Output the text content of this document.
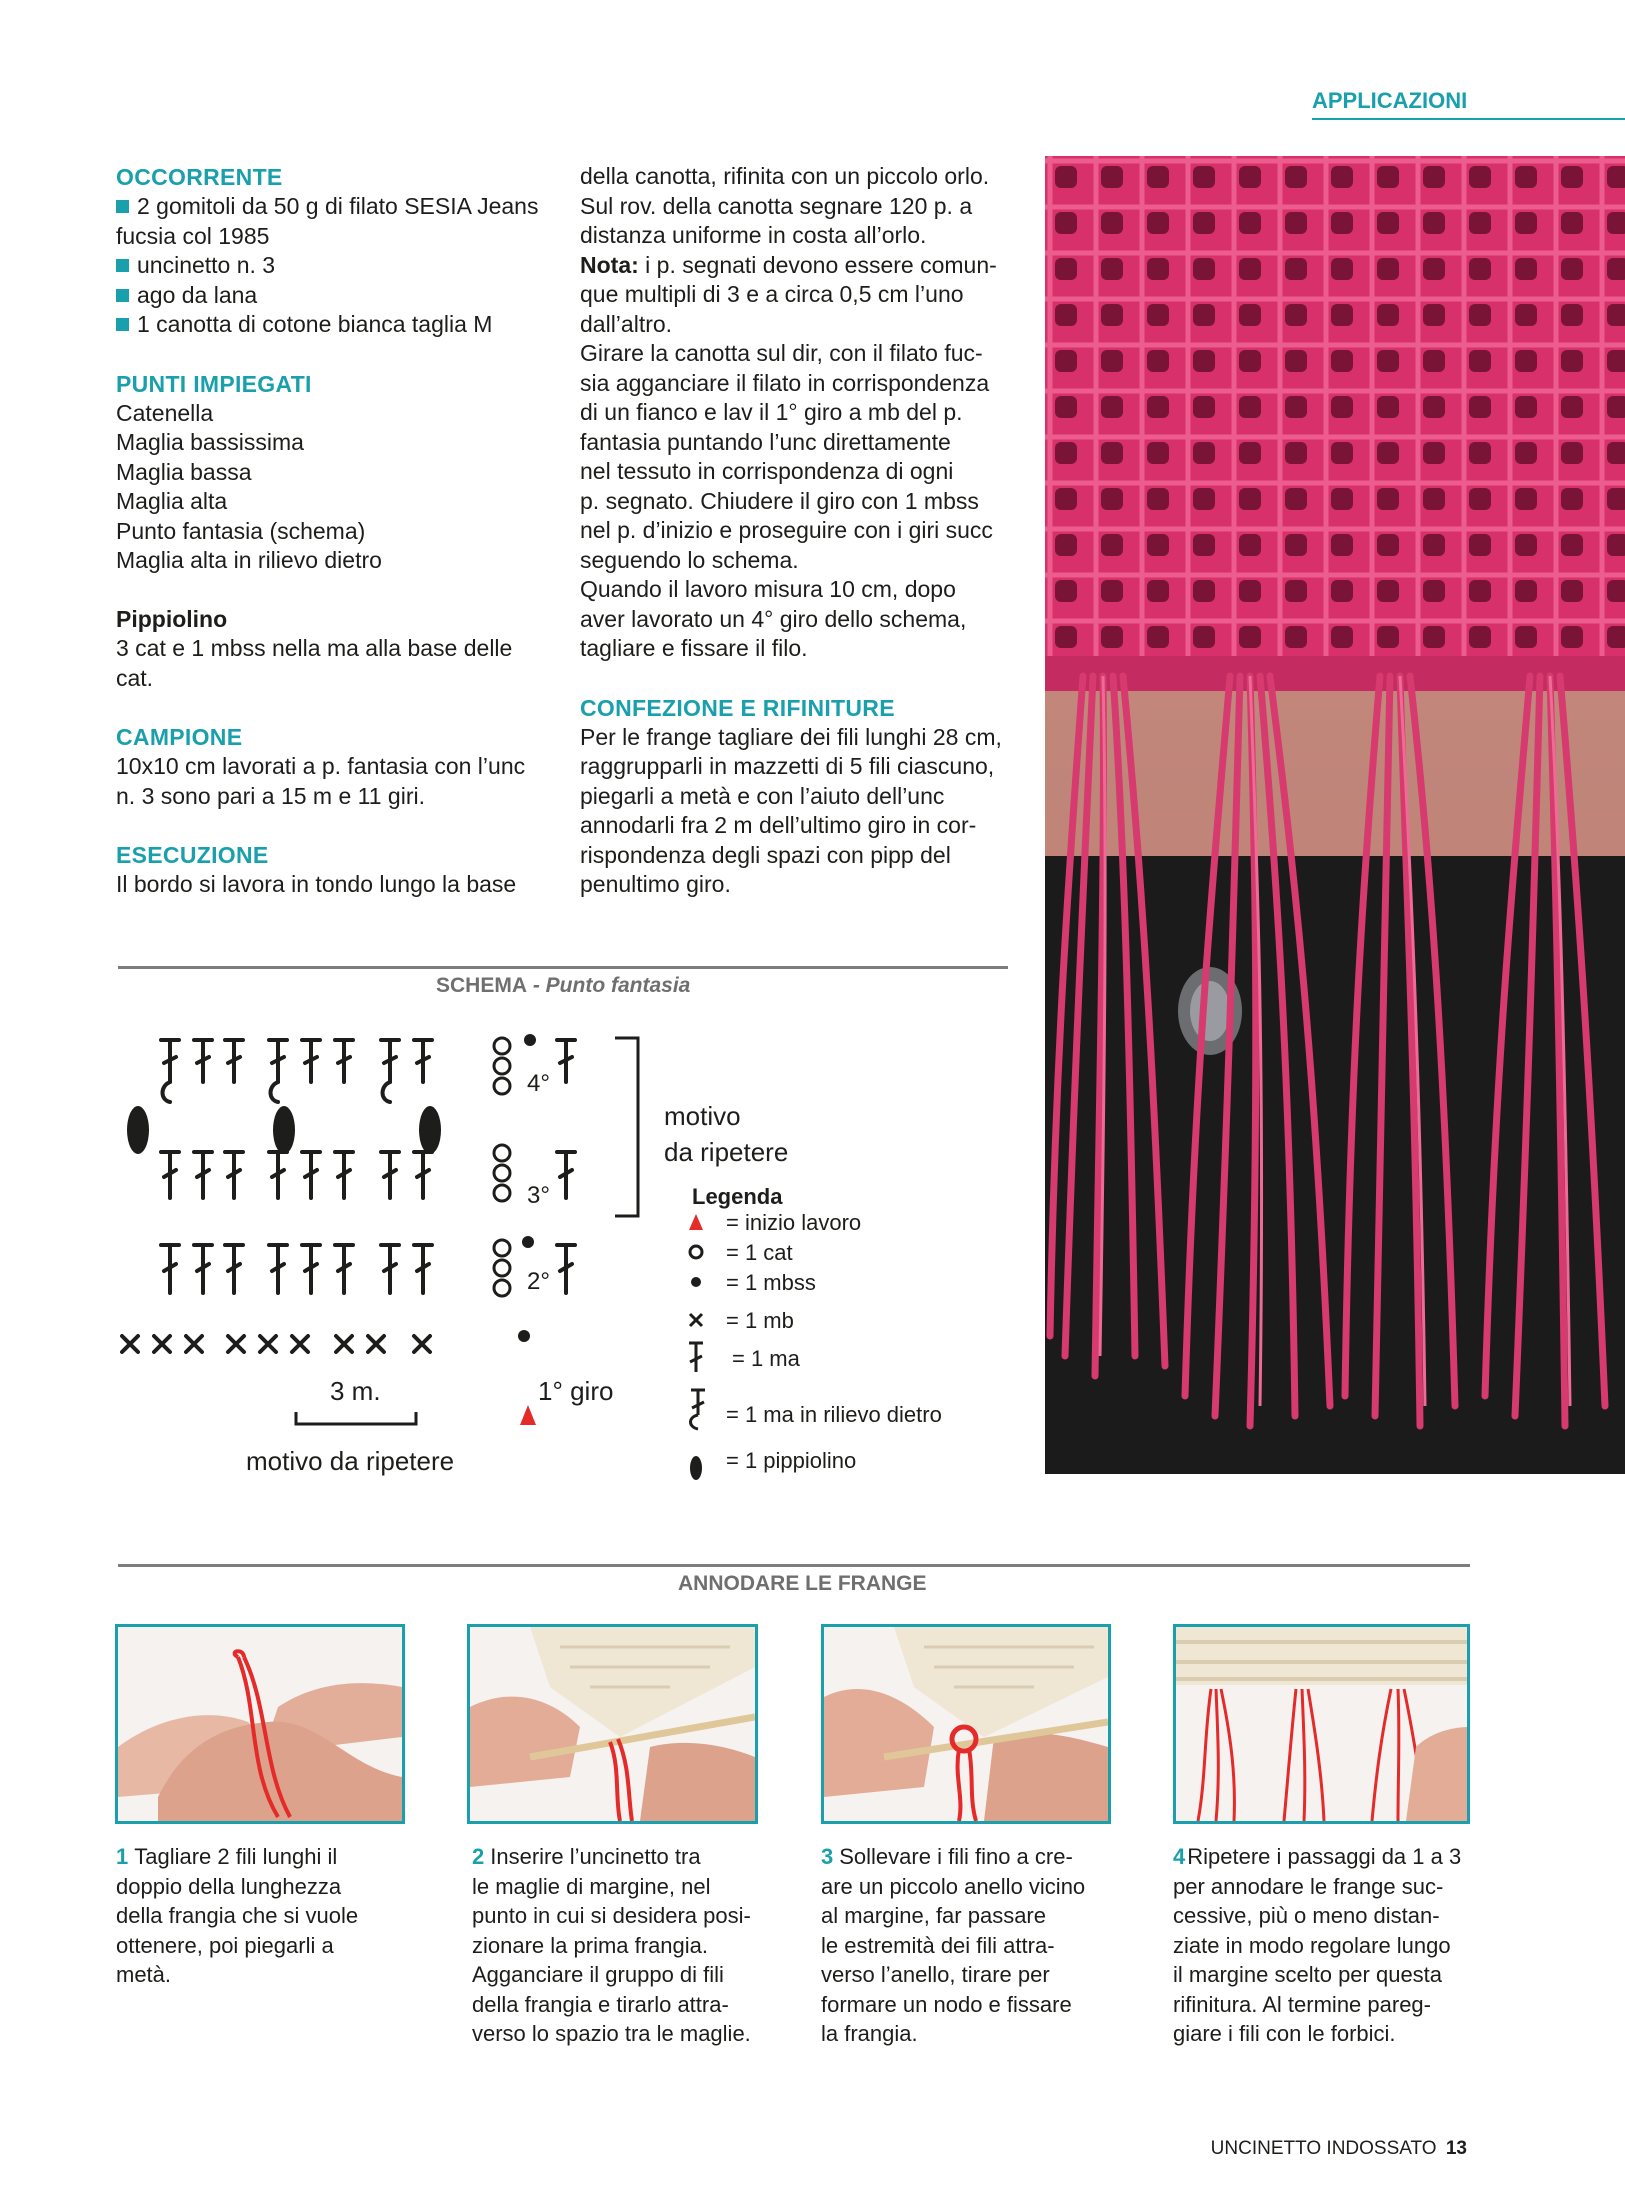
APPLICAZIONI
OCCORRENTE
2 gomitoli da 50 g di filato SESIA Jeans
fucsia col 1985
uncinetto n. 3
ago da lana
1 canotta di cotone bianca taglia M
PUNTI IMPIEGATI
Catenella
Maglia bassissima
Maglia bassa
Maglia alta
Punto fantasia (schema)
Maglia alta in rilievo dietro
Pippiolino
3 cat e 1 mbss nella ma alla base delle
cat.
CAMPIONE
10x10 cm lavorati a p. fantasia con l’unc
n. 3 sono pari a 15 m e 11 giri.
ESECUZIONE
Il bordo si lavora in tondo lungo la base
della canotta, rifinita con un piccolo orlo.
Sul rov. della canotta segnare 120 p. a
distanza uniforme in costa all’orlo.
Nota: i p. segnati devono essere comun-
que multipli di 3 e a circa 0,5 cm l’uno
dall’altro.
Girare la canotta sul dir, con il filato fuc-
sia agganciare il filato in corrispondenza
di un fianco e lav il 1° giro a mb del p.
fantasia puntando l’unc direttamente
nel tessuto in corrispondenza di ogni
p. segnato. Chiudere il giro con 1 mbss
nel p. d’inizio e proseguire con i giri succ
seguendo lo schema.
Quando il lavoro misura 10 cm, dopo
aver lavorato un 4° giro dello schema,
tagliare e fissare il filo.
CONFEZIONE E RIFINITURE
Per le frange tagliare dei fili lunghi 28 cm,
raggrupparli in mazzetti di 5 fili ciascuno,
piegarli a metà e con l’aiuto dell’unc
annodarli fra 2 m dell’ultimo giro in cor-
rispondenza degli spazi con pipp del
penultimo giro.
SCHEMA - Punto fantasia
4°
3°
2°
1° giro
3 m.
motivo da ripetere
motivo
da ripetere
Legenda
= inizio lavoro
= 1 cat
= 1 mbss
= 1 mb
= 1 ma
= 1 ma in rilievo dietro
= 1 pippiolino
ANNODARE LE FRANGE
1 Tagliare 2 fili lunghi il
doppio della lunghezza
della frangia che si vuole
ottenere, poi piegarli a
metà.
2 Inserire l’uncinetto tra
le maglie di margine, nel
punto in cui si desidera posi-
zionare la prima frangia.
Agganciare il gruppo di fili
della frangia e tirarlo attra-
verso lo spazio tra le maglie.
3 Sollevare i fili fino a cre-
are un piccolo anello vicino
al margine, far passare
le estremità dei fili attra-
verso l’anello, tirare per
formare un nodo e fissare
la frangia.
4Ripetere i passaggi da 1 a 3
per annodare le frange suc-
cessive, più o meno distan-
ziate in modo regolare lungo
il margine scelto per questa
rifinitura. Al termine pareg-
giare i fili con le forbici.
UNCINETTO INDOSSATO 13
